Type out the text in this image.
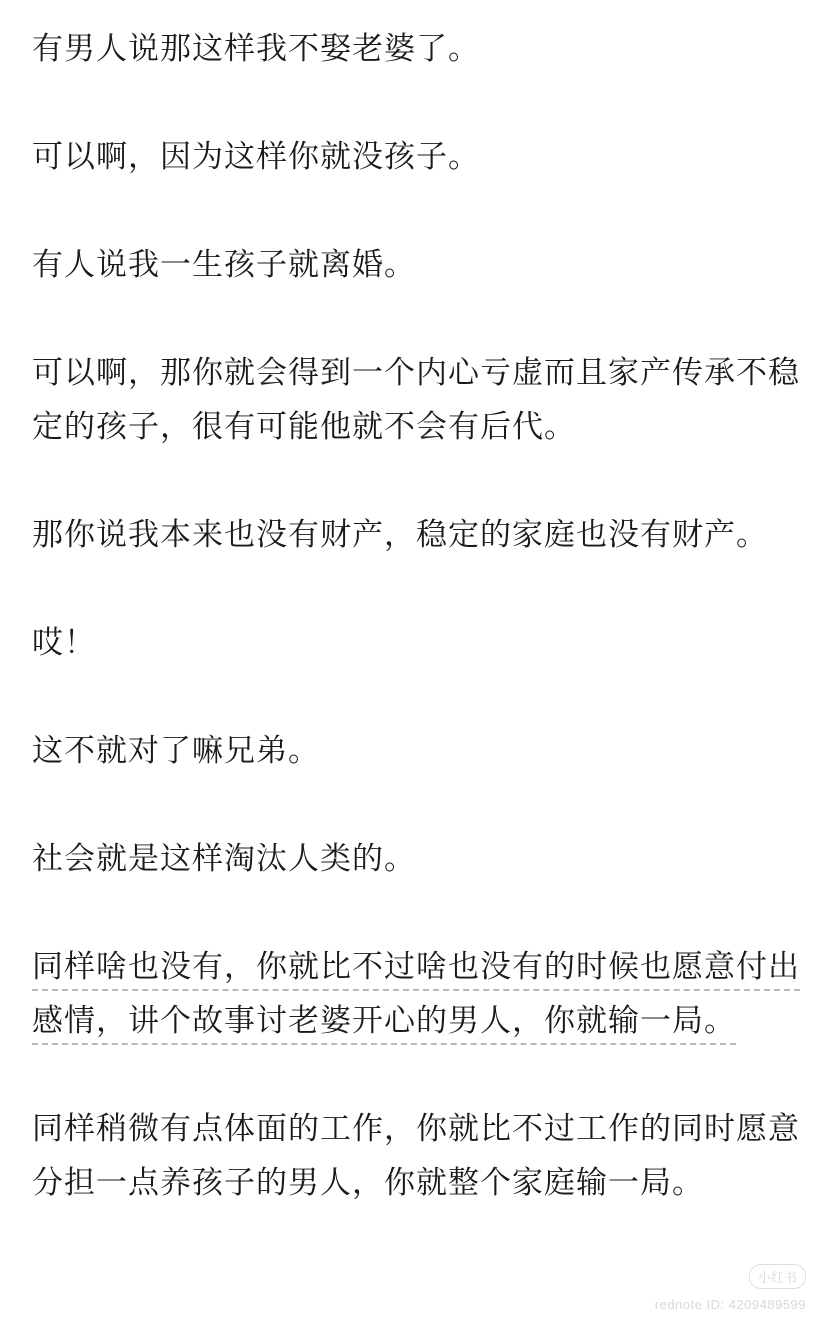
有男人说那这样我不娶老婆了。

可以啊，因为这样你就没孩子。

有人说我一生孩子就离婚。

可以啊，那你就会得到一个内心亏虚而且家产传承不稳定的孩子，很有可能他就不会有后代。

那你说我本来也没有财产，稳定的家庭也没有财产。

哎！

这不就对了嘛兄弟。

社会就是这样淘汰人类的。

同样啥也没有，你就比不过啥也没有的时候也愿意付出感情，讲个故事讨老婆开心的男人，你就输一局。

同样稍微有点体面的工作，你就比不过工作的同时愿意分担一点养孩子的男人，你就整个家庭输一局。

小红书
rednote ID: 4209489599
